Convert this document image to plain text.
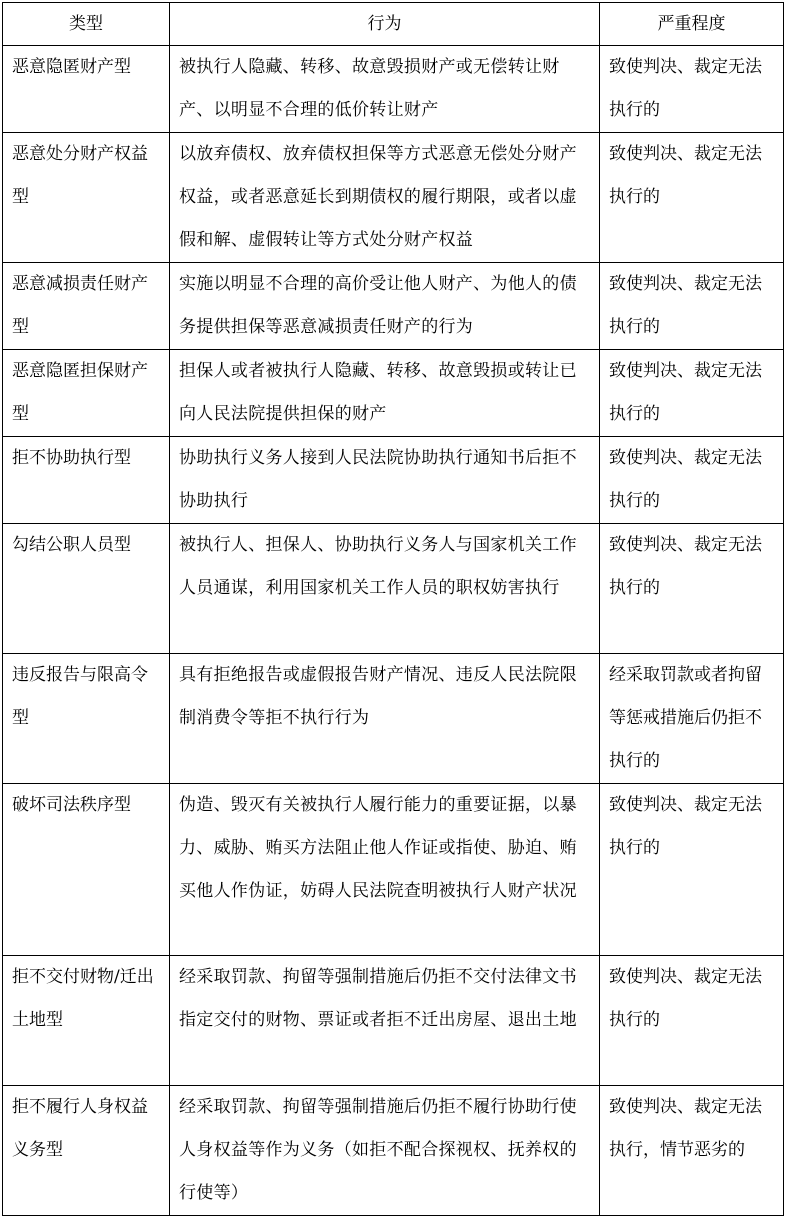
类型	行为	严重程度
恶意隐匿财产型	被执行人隐藏、转移、故意毁损财产或无偿转让财产、以明显不合理的低价转让财产	致使判决、裁定无法执行的
恶意处分财产权益型	以放弃债权、放弃债权担保等方式恶意无偿处分财产权益，或者恶意延长到期债权的履行期限，或者以虚假和解、虚假转让等方式处分财产权益	致使判决、裁定无法执行的
恶意减损责任财产型	实施以明显不合理的高价受让他人财产、为他人的债务提供担保等恶意减损责任财产的行为	致使判决、裁定无法执行的
恶意隐匿担保财产型	担保人或者被执行人隐藏、转移、故意毁损或转让已向人民法院提供担保的财产	致使判决、裁定无法执行的
拒不协助执行型	协助执行义务人接到人民法院协助执行通知书后拒不协助执行	致使判决、裁定无法执行的
勾结公职人员型	被执行人、担保人、协助执行义务人与国家机关工作人员通谋，利用国家机关工作人员的职权妨害执行	致使判决、裁定无法执行的
违反报告与限高令型	具有拒绝报告或虚假报告财产情况、违反人民法院限制消费令等拒不执行行为	经采取罚款或者拘留等惩戒措施后仍拒不执行的
破坏司法秩序型	伪造、毁灭有关被执行人履行能力的重要证据，以暴力、威胁、贿买方法阻止他人作证或指使、胁迫、贿买他人作伪证，妨碍人民法院查明被执行人财产状况	致使判决、裁定无法执行的
拒不交付财物/迁出土地型	经采取罚款、拘留等强制措施后仍拒不交付法律文书指定交付的财物、票证或者拒不迁出房屋、退出土地	致使判决、裁定无法执行的
拒不履行人身权益义务型	经采取罚款、拘留等强制措施后仍拒不履行协助行使人身权益等作为义务（如拒不配合探视权、抚养权的行使等）	致使判决、裁定无法执行，情节恶劣的
